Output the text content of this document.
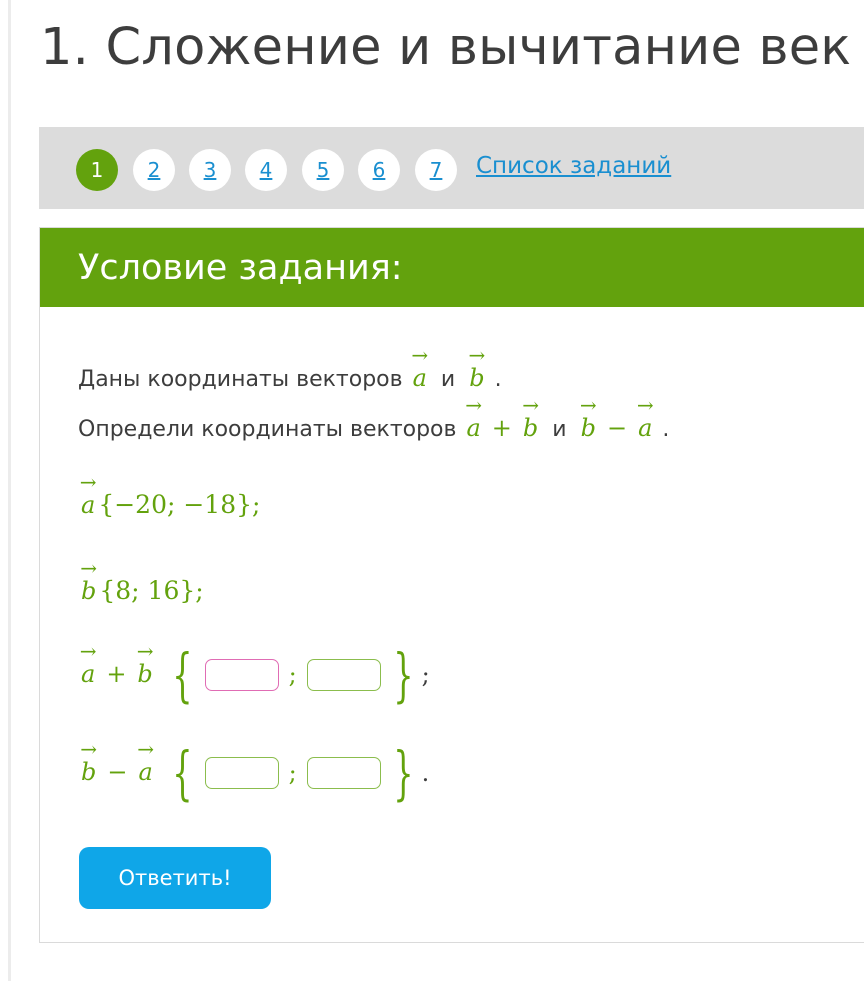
1. Сложение и вычитание век
1	2	3	4	5	6	7	Список заданий
Условие задания:
Даны координаты векторов
→
a и
→
b .
Определи координаты векторов
→
a +
→
b и
→
b −
→
a .
→
a {−20; −18};
→
b {8; 16};
→
a +
→
b {	; } ;
→
b −
→
a {	; } .
Ответить!
